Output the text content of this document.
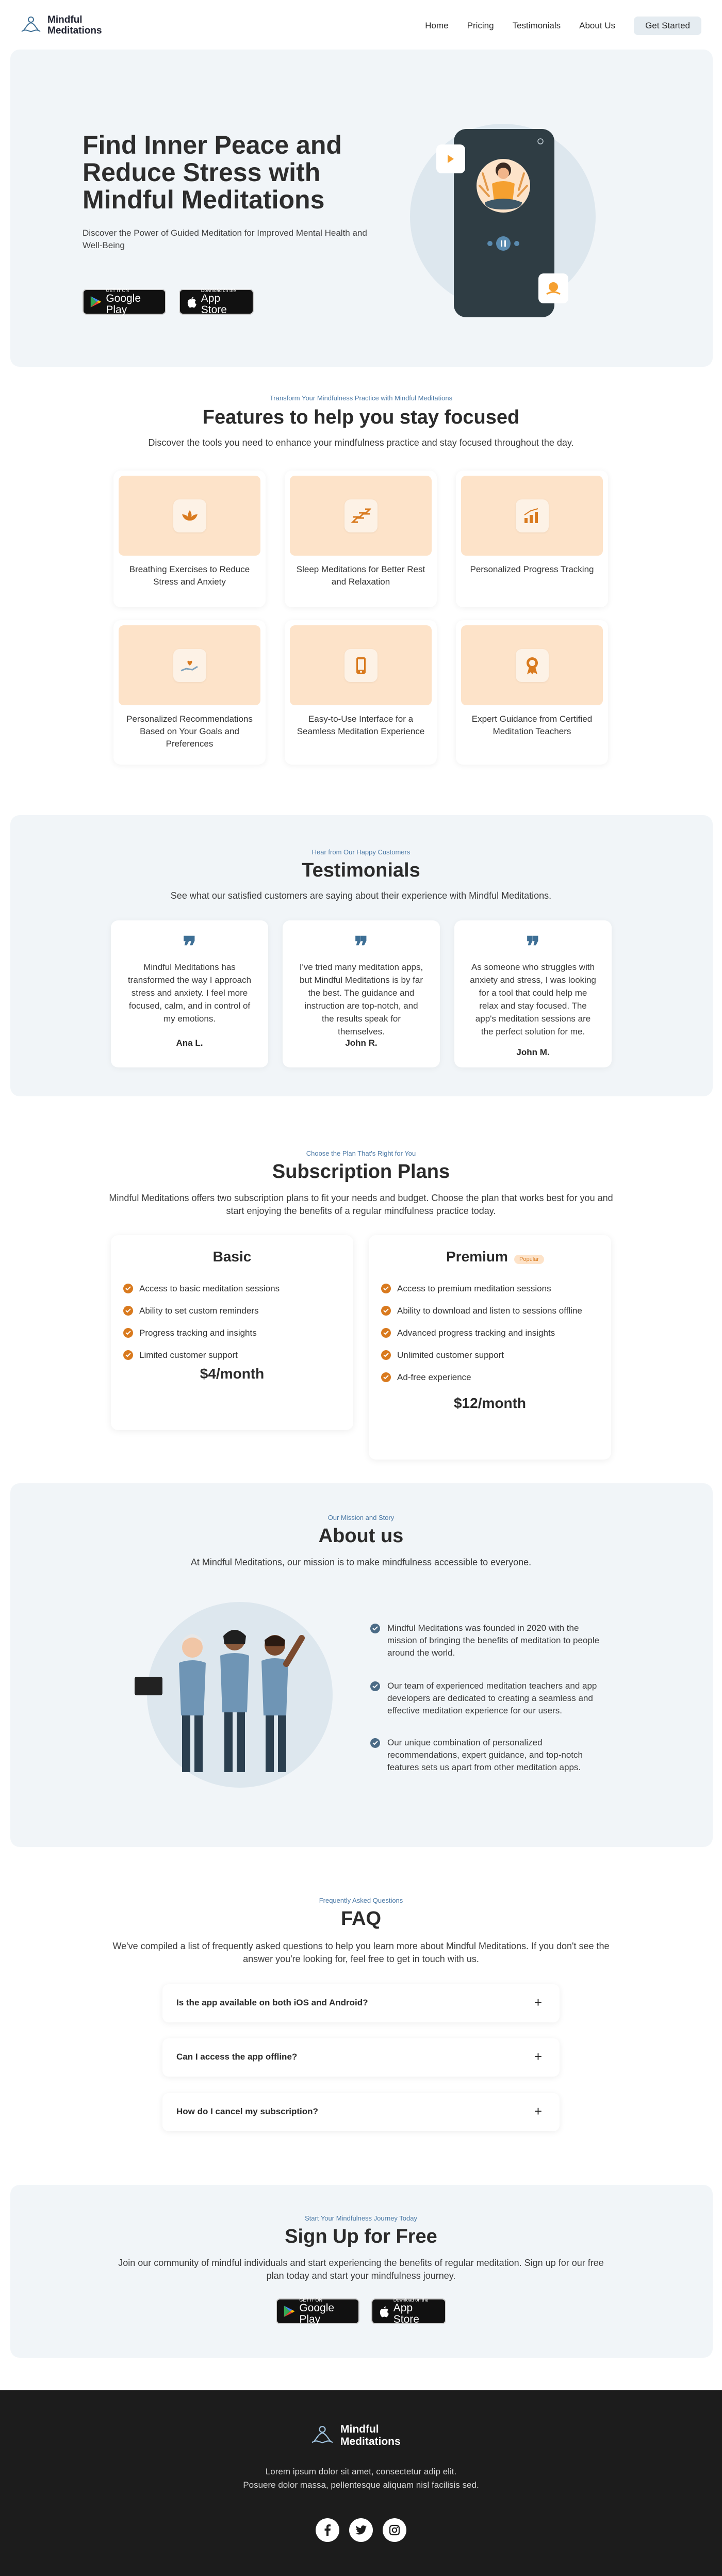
Mindful Meditations	Home Pricing Testimonials About Us	Get Started
Find Inner Peace and Reduce Stress with Mindful Meditations
Discover the Power of Guided Meditation for Improved Mental Health and Well-Being
GET IT ON
Google Play
Download on the
App Store
Transform Your Mindfulness Practice with Mindful Meditations
Features to help you stay focused
Discover the tools you need to enhance your mindfulness practice and stay focused throughout the day.
Breathing Exercises to Reduce Stress and Anxiety
Sleep Meditations for Better Rest and Relaxation
Personalized Progress Tracking
Personalized Recommendations Based on Your Goals and Preferences
Easy-to-Use Interface for a Seamless Meditation Experience
Expert Guidance from Certified Meditation Teachers
Hear from Our Happy Customers
Testimonials
See what our satisfied customers are saying about their experience with Mindful Meditations.
❞
Mindful Meditations has transformed the way I approach stress and anxiety. I feel more focused, calm, and in control of my emotions.
Ana L.
❞
I've tried many meditation apps, but Mindful Meditations is by far the best. The guidance and instruction are top-notch, and the results speak for themselves.
John R.
❞
As someone who struggles with anxiety and stress, I was looking for a tool that could help me relax and stay focused. The app's meditation sessions are the perfect solution for me.
John M.
Choose the Plan That's Right for You
Subscription Plans
Mindful Meditations offers two subscription plans to fit your needs and budget. Choose the plan that works best for you and start enjoying the benefits of a regular mindfulness practice today.
Basic
Access to basic meditation sessions
Ability to set custom reminders
Progress tracking and insights
Limited customer support
$4/month
Premium	Popular
Access to premium meditation sessions
Ability to download and listen to sessions offline
Advanced progress tracking and insights
Unlimited customer support
Ad-free experience
$12/month
Our Mission and Story
About us
At Mindful Meditations, our mission is to make mindfulness accessible to everyone.
Mindful Meditations was founded in 2020 with the mission of bringing the benefits of meditation to people around the world.
Our team of experienced meditation teachers and app developers are dedicated to creating a seamless and effective meditation experience for our users.
Our unique combination of personalized recommendations, expert guidance, and top-notch features sets us apart from other meditation apps.
Frequently Asked Questions
FAQ
We've compiled a list of frequently asked questions to help you learn more about Mindful Meditations. If you don't see the answer you're looking for, feel free to get in touch with us.
Is the app available on both iOS and Android?	+
Can I access the app offline?	+
How do I cancel my subscription?	+
Start Your Mindfulness Journey Today
Sign Up for Free
Join our community of mindful individuals and start experiencing the benefits of regular meditation. Sign up for our free plan today and start your mindfulness journey.
GET IT ON
Google Play
Download on the
App Store
Mindful Meditations
Lorem ipsum dolor sit amet, consectetur adip elit.
Posuere dolor massa, pellentesque aliquam nisl facilisis sed.
